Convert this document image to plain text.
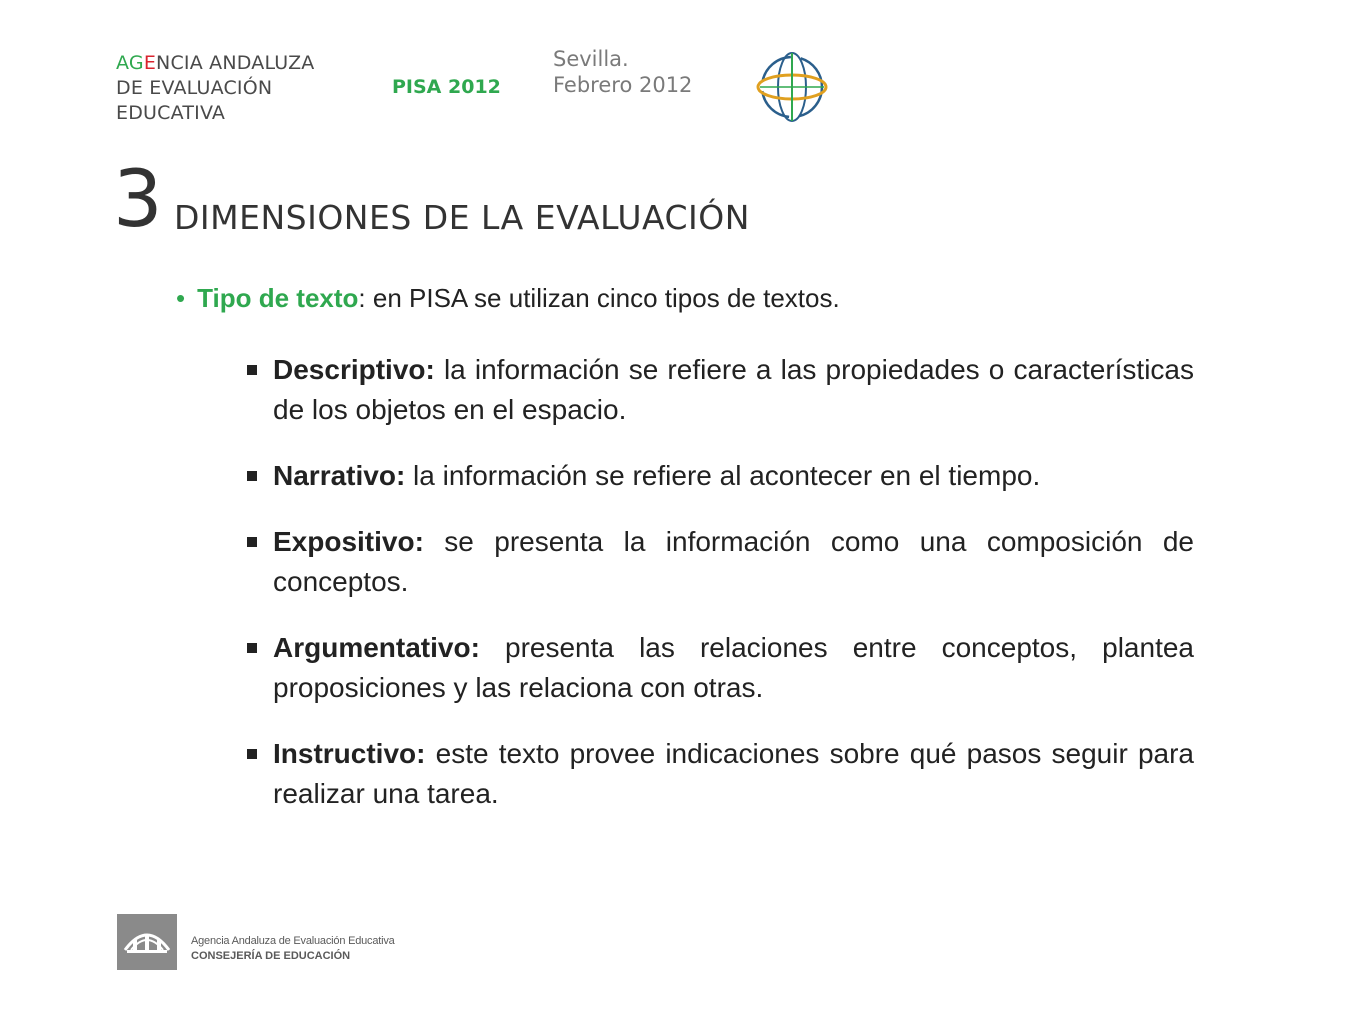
AGENCIA ANDALUZA
DE EVALUACIÓN
EDUCATIVA
PISA 2012
Sevilla.
Febrero 2012
3 DIMENSIONES DE LA EVALUACIÓN
• Tipo de texto: en PISA se utilizan cinco tipos de textos.
Descriptivo: la información se refiere a las propiedades o características de los objetos en el espacio.
Narrativo: la información se refiere al acontecer en el tiempo.
Expositivo: se presenta la información como una composición de conceptos.
Argumentativo: presenta las relaciones entre conceptos, plantea proposiciones y las relaciona con otras.
Instructivo: este texto provee indicaciones sobre qué pasos seguir para realizar una tarea.
Agencia Andaluza de Evaluación Educativa
CONSEJERÍA DE EDUCACIÓN
